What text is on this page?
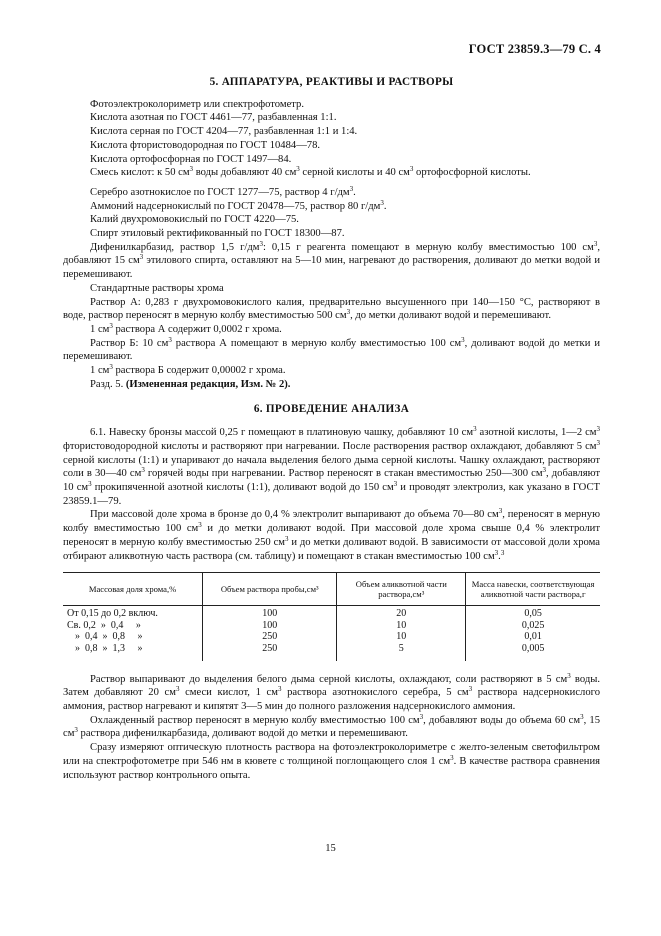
ГОСТ 23859.3—79 С. 4
5. АППАРАТУРА, РЕАКТИВЫ И РАСТВОРЫ

Фотоэлектроколориметр или спектрофотометр.

Кислота азотная по ГОСТ 4461—77, разбавленная 1:1.

Кислота серная по ГОСТ 4204—77, разбавленная 1:1 и 1:4.

Кислота фтористоводородная по ГОСТ 10484—78.

Кислота ортофосфорная по ГОСТ 1497—84.

Смесь кислот: к 50 $см^3$ воды добавляют 40 $см^3$ серной кислоты и 40 $см^3$ ортофосфорной кислоты.

Серебро азотнокислое по ГОСТ 1277—75, раствор 4 $г/дм^3$.

Аммоний надсернокислый по ГОСТ 20478—75, раствор 80 $г/дм^3$.

Калий двухромовокислый по ГОСТ 4220—75.

Спирт этиловый ректификованный по ГОСТ 18300—87.

Дифенилкарбазид, раствор 1,5 $г/дм^3$: 0,15 г реагента помещают в мерную колбу вместимостью 100 $см^3$, добавляют 15 $см^3$ этилового спирта, оставляют на 5—10 мин, нагревают до растворения, доливают до метки водой и перемешивают.

Стандартные растворы хрома

Раствор А: 0,283 г двухромовокислого калия, предварительно высушенного при 140—150 °С, растворяют в воде, раствор переносят в мерную колбу вместимостью 500 $см^3$, до метки доливают водой и перемешивают.

1 $см^3$ раствора А содержит 0,0002 г хрома.

Раствор Б: 10 $см^3$ раствора А помещают в мерную колбу вместимостью 100 $см^3$, доливают водой до метки и перемешивают.

1 $см^3$ раствора Б содержит 0,00002 г хрома.

Разд. 5. (Измененная редакция, Изм. № 2).

6. ПРОВЕДЕНИЕ АНАЛИЗА

6.1. Навеску бронзы массой 0,25 г помещают в платиновую чашку, добавляют 10 $см^3$ азотной кислоты, 1—2 $см^3$ фтористоводородной кислоты и растворяют при нагревании. После растворения раствор охлаждают, добавляют 5 $см^3$ серной кислоты (1:1) и упаривают до начала выделения белого дыма серной кислоты. Чашку охлаждают, растворяют соли в 30—40 $см^3$ горячей воды при нагревании. Раствор переносят в стакан вместимостью 250—300 $см^3$, добавляют 10 $см^3$ прокипяченной азотной кислоты (1:1), доливают водой до 150 $см^3$ и проводят электролиз, как указано в ГОСТ 23859.1—79.

При массовой доле хрома в бронзе до 0,4 % электролит выпаривают до объема 70—80 $см^3$, переносят в мерную колбу вместимостью 100 $см^3$ и до метки доливают водой. При массовой доле хрома свыше 0,4 % электролит переносят в мерную колбу вместимостью 250 $см^3$ и до метки доливают водой. В зависимости от массовой доли хрома отбирают аликвотную часть раствора (см. таблицу) и помещают в стакан вместимостью 100 $см^3.^3$

Массовая доля хрома,%	Объем раствора пробы,см³	Объем аликвотной части раствора,см³	Масса навески, соответствующая аликвотной части раствора,г
От 0,15 до 0,2 включ.	100	20	0,05
Св. 0,2  »  0,4     »	100	10	0,025
»  0,4  »  0,8     »	250	10	0,01
»  0,8  »  1,3     »	250	5	0,005

Раствор выпаривают до выделения белого дыма серной кислоты, охлаждают, соли растворяют в 5 $см^3$ воды. Затем добавляют 20 $см^3$ смеси кислот, 1 $см^3$ раствора азотнокислого серебра, 5 $см^3$ раствора надсернокислого аммония, раствор нагревают и кипятят 3—5 мин до полного разложения надсернокислого аммония.

Охлажденный раствор переносят в мерную колбу вместимостью 100 $см^3$, добавляют воды до объема 60 $см^3$, 15 $см^3$ раствора дифенилкарбазида, доливают водой до метки и перемешивают.

Сразу измеряют оптическую плотность раствора на фотоэлектроколориметре с желто-зеленым светофильтром или на спектрофотометре при 546 нм в кювете с толщиной поглощающего слоя 1 $см^3$. В качестве раствора сравнения используют раствор контрольного опыта.

15
